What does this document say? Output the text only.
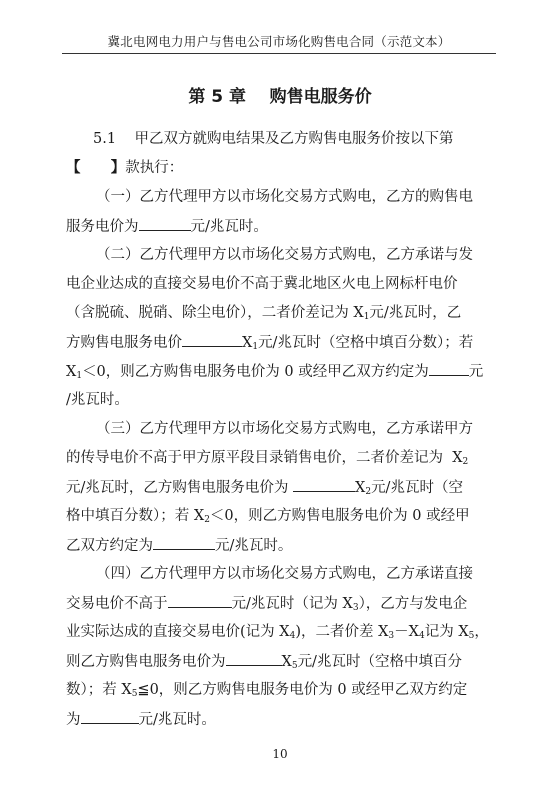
冀北电网电力用户与售电公司市场化购售电合同（示范文本）
第 5 章    购售电服务价
5.1    甲乙双方就购电结果及乙方购售电服务价按以下第
【      】款执行：
（一）乙方代理甲方以市场化交易方式购电，乙方的购售电
服务电价为	元/兆瓦时。
（二）乙方代理甲方以市场化交易方式购电，乙方承诺与发
电企业达成的直接交易电价不高于冀北地区火电上网标杆电价
（含脱硫、脱硝、除尘电价），二者价差记为 $X_1$元/兆瓦时，乙
方购售电服务电价	$X_1$元/兆瓦时（空格中填百分数）；若
$X_1<0$，则乙方购售电服务电价为 0 或经甲乙双方约定为	元
/兆瓦时。
（三）乙方代理甲方以市场化交易方式购电，乙方承诺甲方
的传导电价不高于甲方原平段目录销售电价，二者价差记为  $X_2$
元/兆瓦时，乙方购售电服务电价为	$X_2$元/兆瓦时（空
格中填百分数）；若 $X_2<0$，则乙方购售电服务电价为 0 或经甲
乙双方约定为	元/兆瓦时。
（四）乙方代理甲方以市场化交易方式购电，乙方承诺直接
交易电价不高于	元/兆瓦时（记为 $X_3$），乙方与发电企
业实际达成的直接交易电价(记为 $X_4$)，二者价差 $X_3-X_4$记为 $X_5$，
则乙方购售电服务电价为	$X_5$元/兆瓦时（空格中填百分
数）；若 $X_5≦0$，则乙方购售电服务电价为 0 或经甲乙双方约定
为	元/兆瓦时。
10
